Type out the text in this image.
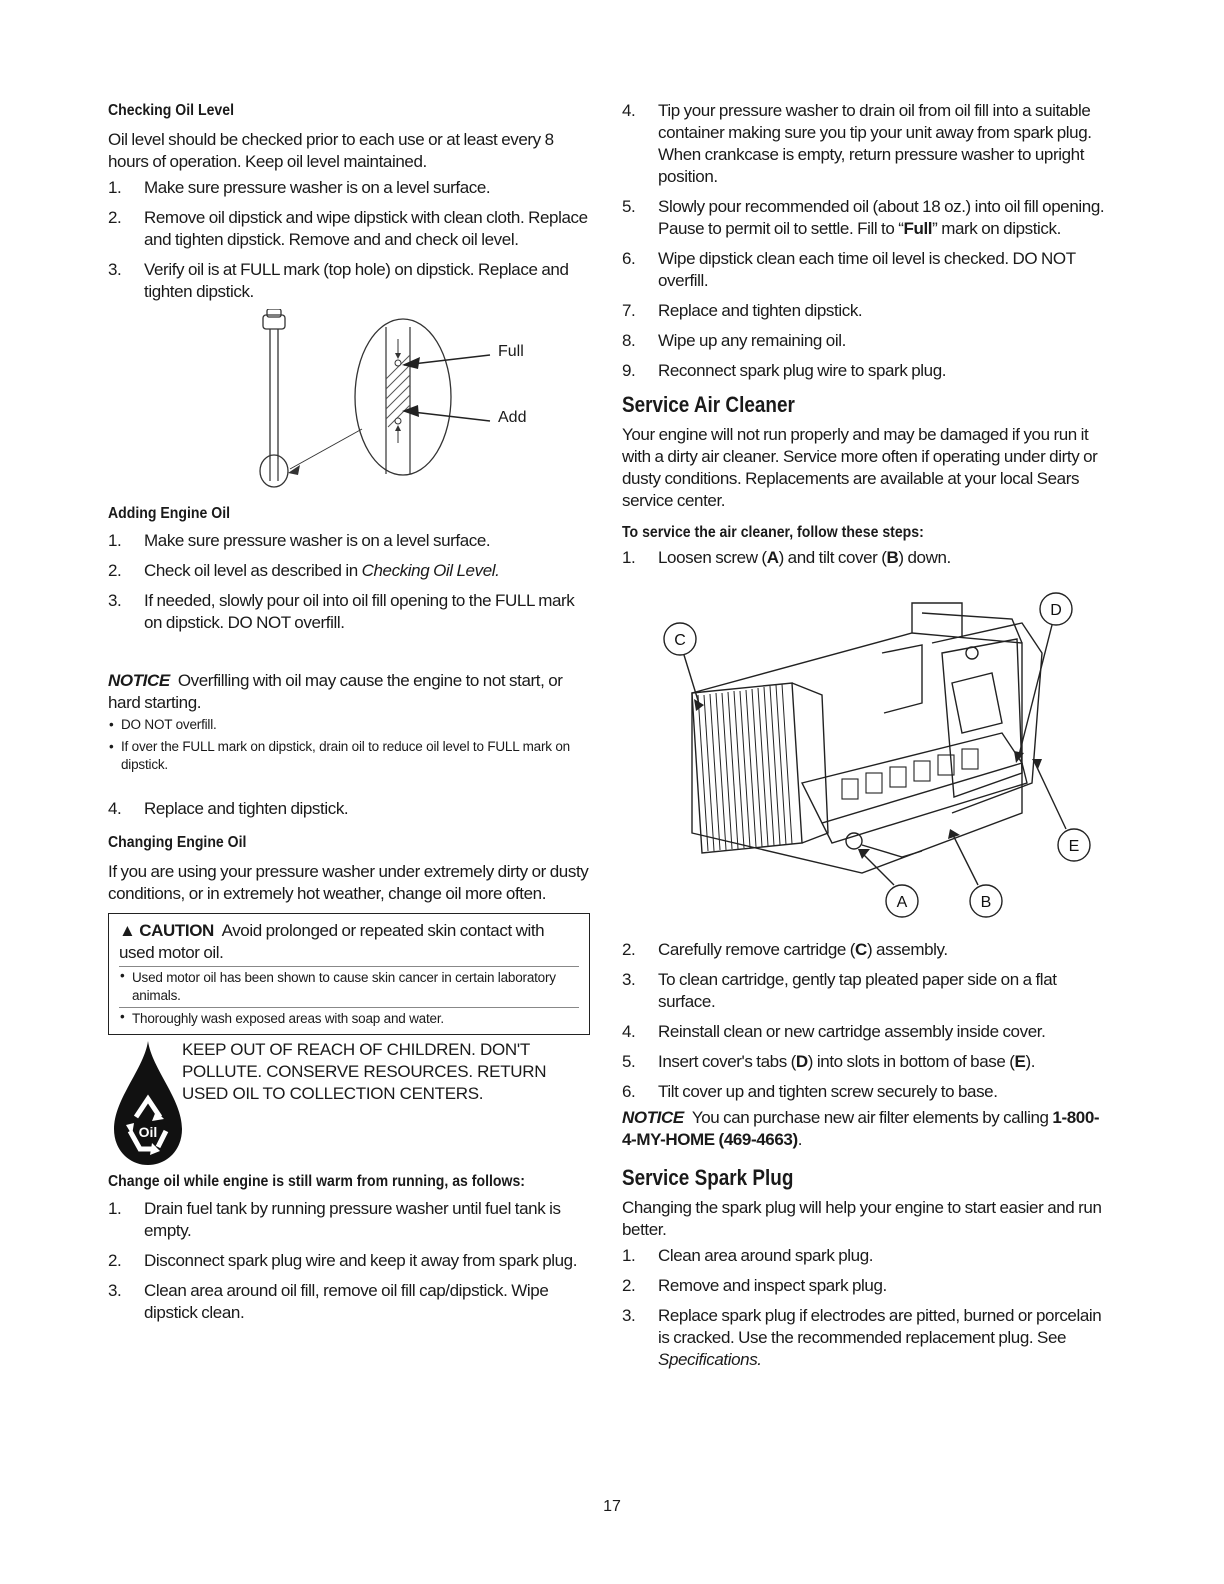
Checking Oil Level

Oil level should be checked prior to each use or at least every 8 hours of operation. Keep oil level maintained.

1. Make sure pressure washer is on a level surface.
2. Remove oil dipstick and wipe dipstick with clean cloth. Replace and tighten dipstick. Remove and and check oil level.
3. Verify oil is at FULL mark (top hole) on dipstick. Replace and tighten dipstick.
Full
Add
Adding Engine Oil
1. Make sure pressure washer is on a level surface.
2. Check oil level as described in Checking Oil Level.
3. If needed, slowly pour oil into oil fill opening to the FULL mark on dipstick. DO NOT overfill.

NOTICE Overfilling with oil may cause the engine to not start, or hard starting.

• DO NOT overfill.
• If over the FULL mark on dipstick, drain oil to reduce oil level to FULL mark on dipstick.
4. Replace and tighten dipstick.
Changing Engine Oil

If you are using your pressure washer under extremely dirty or dusty conditions, or in extremely hot weather, change oil more often.

▲ CAUTION Avoid prolonged or repeated skin contact with used motor oil.

• Used motor oil has been shown to cause skin cancer in certain laboratory animals.
• Thoroughly wash exposed areas with soap and water.
Oil
KEEP OUT OF REACH OF CHILDREN. DON'T POLLUTE. CONSERVE RESOURCES. RETURN USED OIL TO COLLECTION CENTERS.
Change oil while engine is still warm from running, as follows:
1. Drain fuel tank by running pressure washer until fuel tank is empty.
2. Disconnect spark plug wire and keep it away from spark plug.
3. Clean area around oil fill, remove oil fill cap/dipstick. Wipe dipstick clean.
4. Tip your pressure washer to drain oil from oil fill into a suitable container making sure you tip your unit away from spark plug. When crankcase is empty, return pressure washer to upright position.
5. Slowly pour recommended oil (about 18 oz.) into oil fill opening. Pause to permit oil to settle. Fill to “Full” mark on dipstick.
6. Wipe dipstick clean each time oil level is checked. DO NOT overfill.
7. Replace and tighten dipstick.
8. Wipe up any remaining oil.
9. Reconnect spark plug wire to spark plug.
Service Air Cleaner

Your engine will not run properly and may be damaged if you run it with a dirty air cleaner. Service more often if operating under dirty or dusty conditions. Replacements are available at your local Sears service center.

To service the air cleaner, follow these steps:
1. Loosen screw (A) and tilt cover (B) down.
C
D
E
A	B
2. Carefully remove cartridge (C) assembly.
3. To clean cartridge, gently tap pleated paper side on a flat surface.
4. Reinstall clean or new cartridge assembly inside cover.
5. Insert cover's tabs (D) into slots in bottom of base (E).
6. Tilt cover up and tighten screw securely to base.

NOTICE You can purchase new air filter elements by calling 1-800-4-MY-HOME (469-4663).

Service Spark Plug

Changing the spark plug will help your engine to start easier and run better.

1. Clean area around spark plug.
2. Remove and inspect spark plug.
3. Replace spark plug if electrodes are pitted, burned or porcelain is cracked. Use the recommended replacement plug. See Specifications.
17
